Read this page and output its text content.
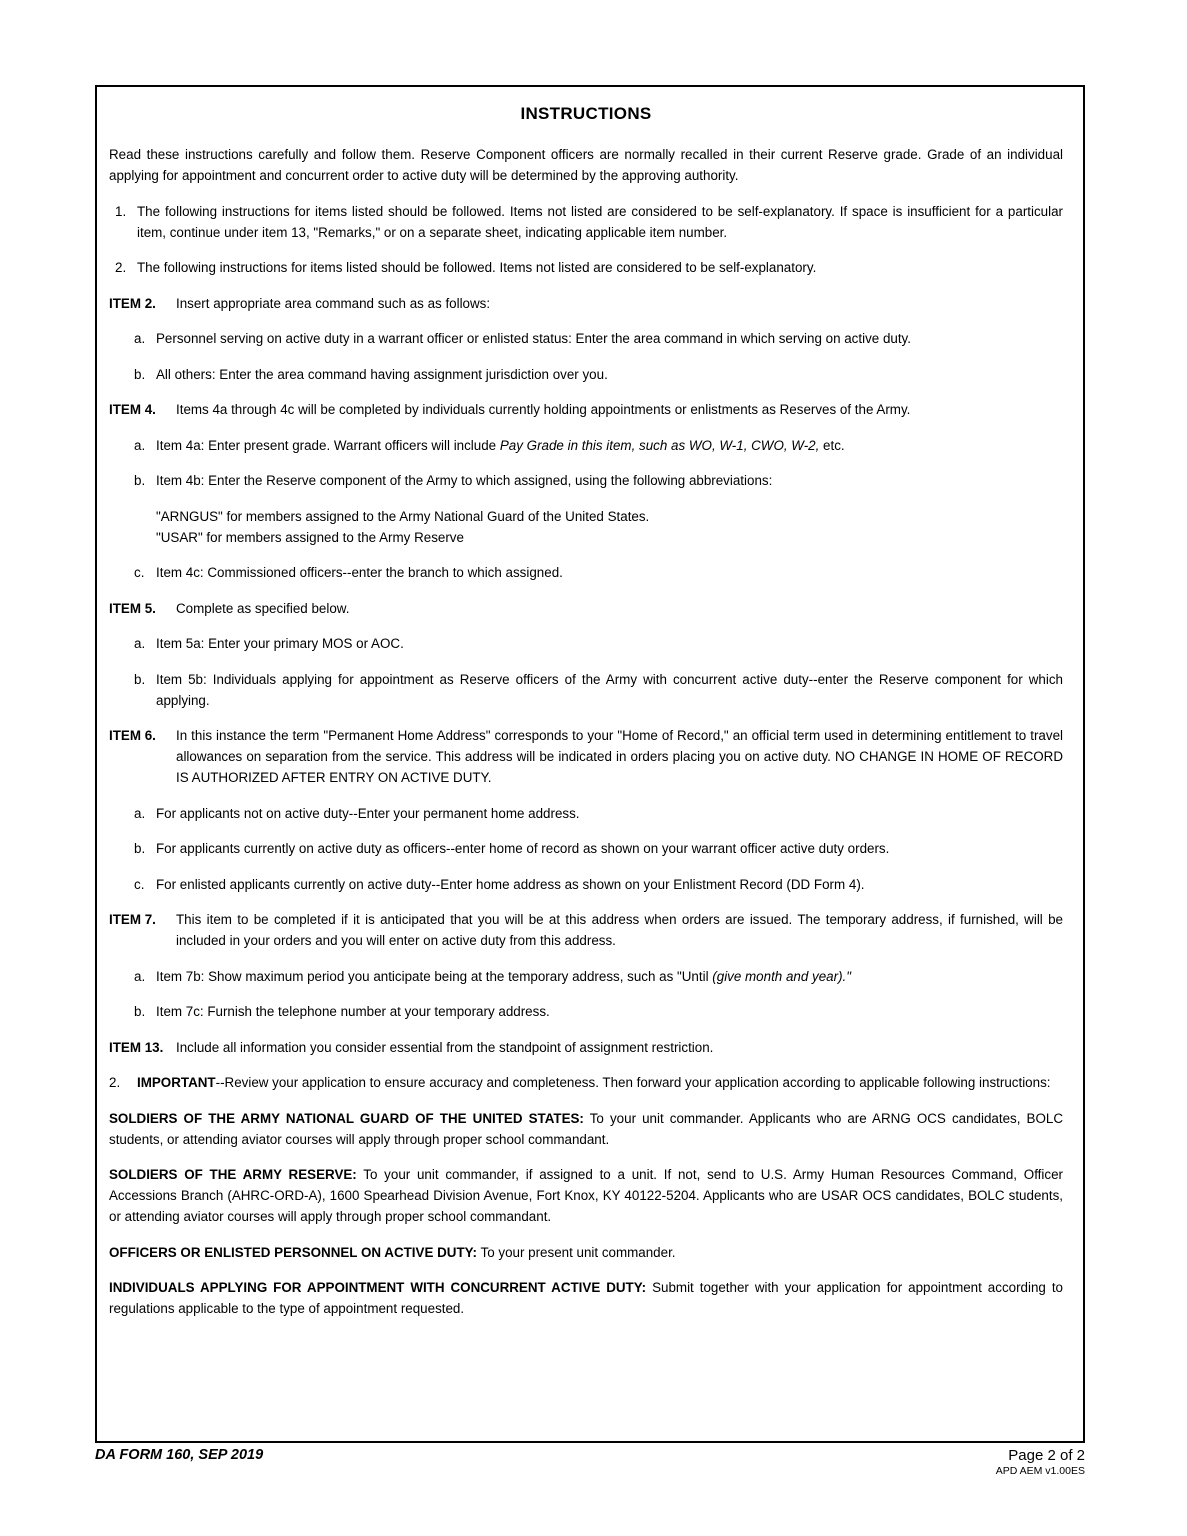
INSTRUCTIONS

Read these instructions carefully and follow them. Reserve Component officers are normally recalled in their current Reserve grade. Grade of an individual applying for appointment and concurrent order to active duty will be determined by the approving authority.

1. The following instructions for items listed should be followed. Items not listed are considered to be self-explanatory. If space is insufficient for a particular item, continue under item 13, "Remarks," or on a separate sheet, indicating applicable item number.

2. The following instructions for items listed should be followed. Items not listed are considered to be self-explanatory.

ITEM 2. Insert appropriate area command such as as follows:

a. Personnel serving on active duty in a warrant officer or enlisted status: Enter the area command in which serving on active duty.

b. All others: Enter the area command having assignment jurisdiction over you.

ITEM 4. Items 4a through 4c will be completed by individuals currently holding appointments or enlistments as Reserves of the Army.

a. Item 4a: Enter present grade. Warrant officers will include Pay Grade in this item, such as WO, W-1, CWO, W-2, etc.

b. Item 4b: Enter the Reserve component of the Army to which assigned, using the following abbreviations:

"ARNGUS" for members assigned to the Army National Guard of the United States.
"USAR" for members assigned to the Army Reserve

c. Item 4c: Commissioned officers--enter the branch to which assigned.

ITEM 5. Complete as specified below.

a. Item 5a: Enter your primary MOS or AOC.

b. Item 5b: Individuals applying for appointment as Reserve officers of the Army with concurrent active duty--enter the Reserve component for which applying.

ITEM 6. In this instance the term "Permanent Home Address" corresponds to your "Home of Record," an official term used in determining entitlement to travel allowances on separation from the service. This address will be indicated in orders placing you on active duty. NO CHANGE IN HOME OF RECORD IS AUTHORIZED AFTER ENTRY ON ACTIVE DUTY.

a. For applicants not on active duty--Enter your permanent home address.

b. For applicants currently on active duty as officers--enter home of record as shown on your warrant officer active duty orders.

c. For enlisted applicants currently on active duty--Enter home address as shown on your Enlistment Record (DD Form 4).

ITEM 7. This item to be completed if it is anticipated that you will be at this address when orders are issued. The temporary address, if furnished, will be included in your orders and you will enter on active duty from this address.

a. Item 7b: Show maximum period you anticipate being at the temporary address, such as "Until (give month and year)."

b. Item 7c: Furnish the telephone number at your temporary address.

ITEM 13. Include all information you consider essential from the standpoint of assignment restriction.

2. IMPORTANT--Review your application to ensure accuracy and completeness. Then forward your application according to applicable following instructions:

SOLDIERS OF THE ARMY NATIONAL GUARD OF THE UNITED STATES: To your unit commander. Applicants who are ARNG OCS candidates, BOLC students, or attending aviator courses will apply through proper school commandant.

SOLDIERS OF THE ARMY RESERVE: To your unit commander, if assigned to a unit. If not, send to U.S. Army Human Resources Command, Officer Accessions Branch (AHRC-ORD-A), 1600 Spearhead Division Avenue, Fort Knox, KY 40122-5204. Applicants who are USAR OCS candidates, BOLC students, or attending aviator courses will apply through proper school commandant.

OFFICERS OR ENLISTED PERSONNEL ON ACTIVE DUTY: To your present unit commander.

INDIVIDUALS APPLYING FOR APPOINTMENT WITH CONCURRENT ACTIVE DUTY: Submit together with your application for appointment according to regulations applicable to the type of appointment requested.

DA FORM 160, SEP 2019	Page 2 of 2
APD AEM v1.00ES
